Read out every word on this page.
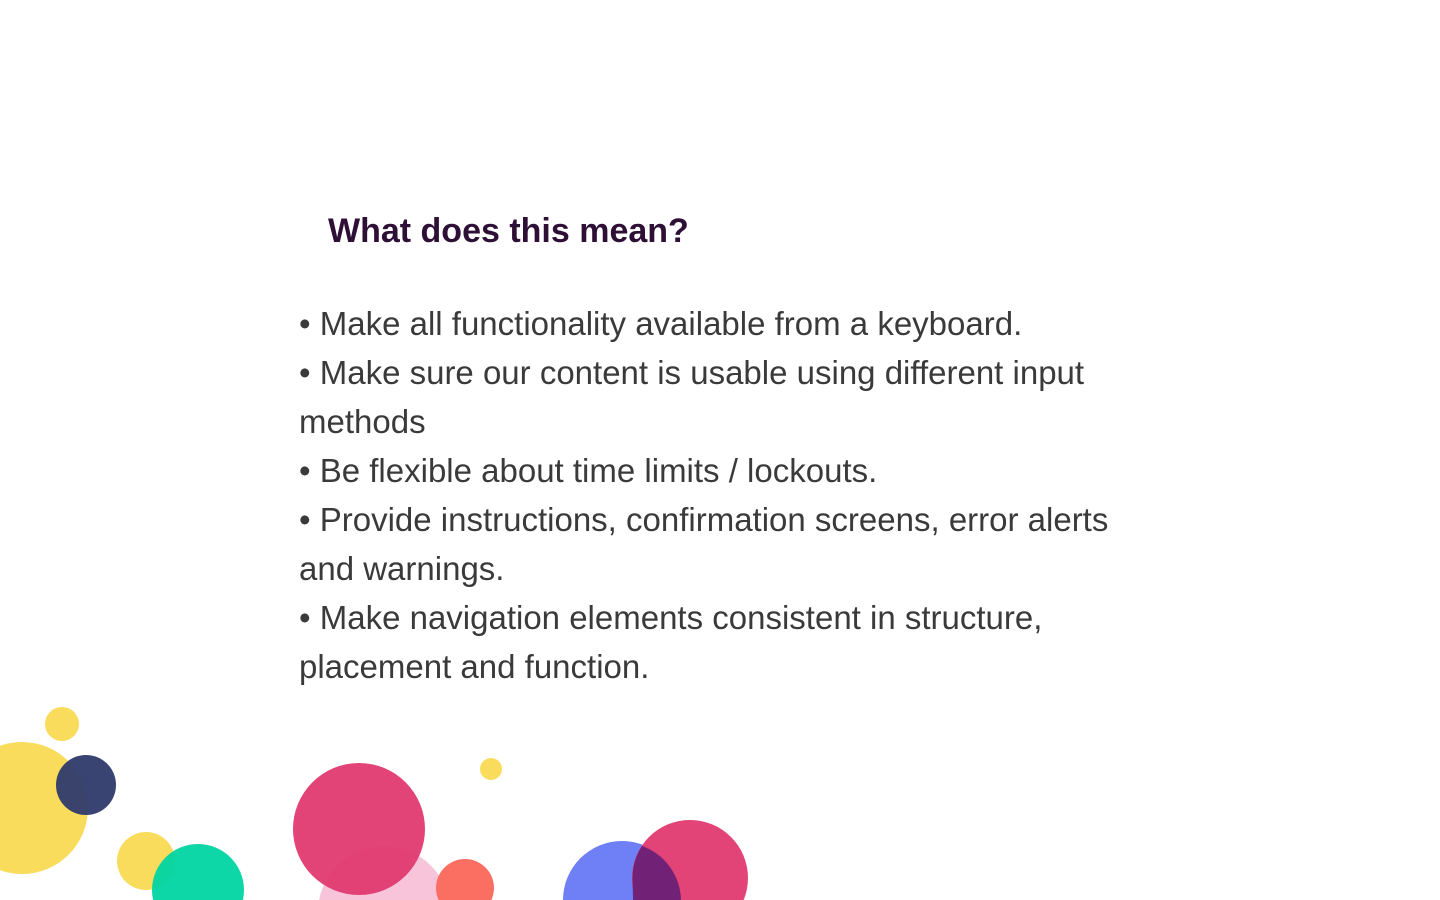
What does this mean?
• Make all functionality available from a keyboard.
• Make sure our content is usable using different input methods
• Be flexible about time limits / lockouts.
• Provide instructions, confirmation screens, error alerts and warnings.
• Make navigation elements consistent in structure, placement and function.
